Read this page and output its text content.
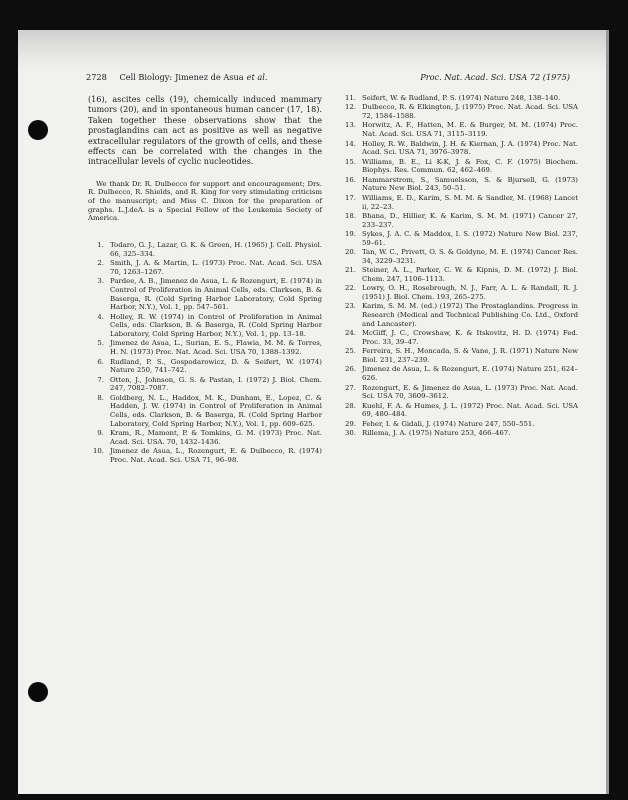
2728 Cell Biology: Jimenez de Asua et al.	Proc. Nat. Acad. Sci. USA 72 (1975)

(16), ascites cells (19), chemically induced mammary tumors (20), and in spontaneous human cancer (17, 18). Taken together these observations show that the prostaglandins can act as positive as well as negative extracellular regulators of the growth of cells, and these effects can be correlated with the changes in the intracellular levels of cyclic nucleotides.

We thank Dr. R. Dulbecco for support and encouragement; Drs. R. Dulbecco, R. Shields, and R. King for very stimulating criticism of the manuscript; and Miss C. Dixon for the preparation of graphs. L.J.deA. is a Special Fellow of the Leukemia Society of America.

1. Todaro, G. J., Lazar, G. K. & Green, H. (1965) J. Cell. Physiol. 66, 325–334.
2. Smith, J. A. & Martin, L. (1973) Proc. Nat. Acad. Sci. USA 70, 1263–1267.
3. Pardee, A. B., Jimenez de Asua, L. & Rozengurt, E. (1974) in Control of Proliferation in Animal Cells, eds. Clarkson, B. & Baserga, R. (Cold Spring Harbor Laboratory, Cold Spring Harbor, N.Y.), Vol. 1, pp. 547–561.
4. Holley, R. W. (1974) in Control of Proliferation in Animal Cells, eds. Clarkson, B. & Baserga, R. (Cold Spring Harbor Laboratory, Cold Spring Harbor, N.Y.), Vol. 1, pp. 13–18.
5. Jimenez de Asua, L., Surian, E. S., Flawia, M. M. & Torres, H. N. (1973) Proc. Nat. Acad. Sci. USA 70, 1388–1392.
6. Rudland, P. S., Gospodarowicz, D. & Seifert, W. (1974) Nature 250, 741–742.
7. Otten, J., Johnson, G. S. & Pastan, I. (1972) J. Biol. Chem. 247, 7082–7087.
8. Goldberg, N. L., Haddox, M. K., Dunham, E., Lopez, C. & Hadden, J. W. (1974) in Control of Proliferation in Animal Cells, eds. Clarkson, B. & Baserga, R. (Cold Spring Harbor Laboratory, Cold Spring Harbor, N.Y.), Vol. 1, pp. 609–625.
9. Kram, R., Mamont, P. & Tomkins, G. M. (1973) Proc. Nat. Acad. Sci. USA. 70, 1432–1436.
10. Jimenez de Asua, L., Rozengurt, E. & Dulbecco, R. (1974) Proc. Nat. Acad. Sci. USA 71, 96–98.
11. Seifert, W. & Rudland, P. S. (1974) Nature 248, 138–140.
12. Dulbecco, R. & Elkington, J. (1975) Proc. Nat. Acad. Sci. USA 72, 1584–1588.
13. Horwitz, A. F., Hatten, M. E. & Burger, M. M. (1974) Proc. Nat. Acad. Sci. USA 71, 3115–3119.
14. Holley, R. W., Baldwin, J. H. & Kiernan, J. A. (1974) Proc. Nat. Acad. Sci. USA 71, 3976–3978.
15. Williams, B. E., Li K-K, J. & Fox, C. F. (1975) Biochem. Biophys. Res. Commun. 62, 462–469.
16. Hammarstrom, S., Samuelsson, S. & Bjursell, G. (1973) Nature New Biol. 243, 50–51.
17. Williams, E. D., Karim, S. M. M. & Sandler, M. (1968) Lancet ii, 22–23.
18. Bhana, D., Hillier, K. & Karim, S. M. M. (1971) Cancer 27, 233–237.
19. Sykes, J. A. C. & Maddox, I. S. (1972) Nature New Biol. 237, 59–61.
20. Tan, W. C., Privett, O. S. & Goldyne, M. E. (1974) Cancer Res. 34, 3229–3231.
21. Steiner, A. L., Parker, C. W. & Kipnis, D. M. (1972) J. Biol. Chem. 247, 1106–1113.
22. Lowry, O. H., Rosebrough, N. J., Farr, A. L. & Randall, R. J. (1951) J. Biol. Chem. 193, 265–275.
23. Karim, S. M. M. (ed.) (1972) The Prostaglandins. Progress in Research (Medical and Technical Publishing Co. Ltd., Oxford and Lancaster).
24. McGiff, J. C., Crowshaw, K. & Itskovitz, H. D. (1974) Fed. Proc. 33, 39–47.
25. Ferreira, S. H., Moncada, S. & Vane, J. R. (1971) Nature New Biol. 231, 237–239.
26. Jimenez de Asua, L. & Rozengurt, E. (1974) Nature 251, 624–626.
27. Rozengurt, E. & Jimenez de Asua, L. (1973) Proc. Nat. Acad. Sci. USA 70, 3609–3612.
28. Kuehl, F. A. & Humes, J. L. (1972) Proc. Nat. Acad. Sci. USA 69, 480–484.
29. Feher, I. & Gidali, J. (1974) Nature 247, 550–551.
30. Rillema, J. A. (1975) Nature 253, 466–467.
